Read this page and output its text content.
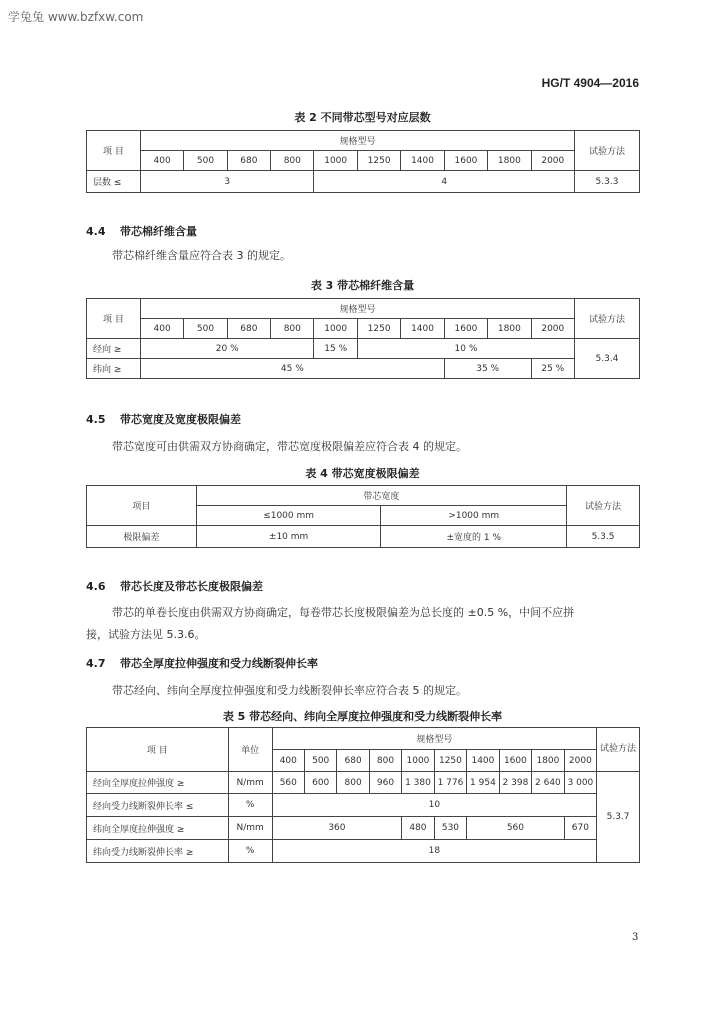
学兔兔 www.bzfxw.com
HG/T 4904—2016
表 2 不同带芯型号对应层数
项 目	规格型号										试验方法
	400	500	680	800	1000	1250	1400	1600	1800	2000	
层数 ≤	3				4						5.3.3
4.4 带芯棉纤维含量
带芯棉纤维含量应符合表 3 的规定。
表 3 带芯棉纤维含量
项 目	规格型号										试验方法
	400	500	680	800	1000	1250	1400	1600	1800	2000	
经向 ≥	20 %				15 %	10 %					5.3.4
纬向 ≥	45 %							35 %		25 %	
4.5 带芯宽度及宽度极限偏差
带芯宽度可由供需双方协商确定，带芯宽度极限偏差应符合表 4 的规定。
表 4 带芯宽度极限偏差
项目	带芯宽度		试验方法
	≤1000 mm	>1000 mm	
极限偏差	±10 mm	±宽度的 1 %	5.3.5
4.6 带芯长度及带芯长度极限偏差
带芯的单卷长度由供需双方协商确定，每卷带芯长度极限偏差为总长度的 ±0.5 %，中间不应拼
接，试验方法见 5.3.6。
4.7 带芯全厚度拉伸强度和受力线断裂伸长率
带芯经向、纬向全厚度拉伸强度和受力线断裂伸长率应符合表 5 的规定。
表 5 带芯经向、纬向全厚度拉伸强度和受力线断裂伸长率
项 目	单位	规格型号										试验方法
		400	500	680	800	1000	1250	1400	1600	1800	2000	
经向全厚度拉伸强度 ≥	N/mm	560	600	800	960	1 380	1 776	1 954	2 398	2 640	3 000	5.3.7
经向受力线断裂伸长率 ≤	%	10										
纬向全厚度拉伸强度 ≥	N/mm	360				480	530	560			670	
纬向受力线断裂伸长率 ≥	%	18										
3
